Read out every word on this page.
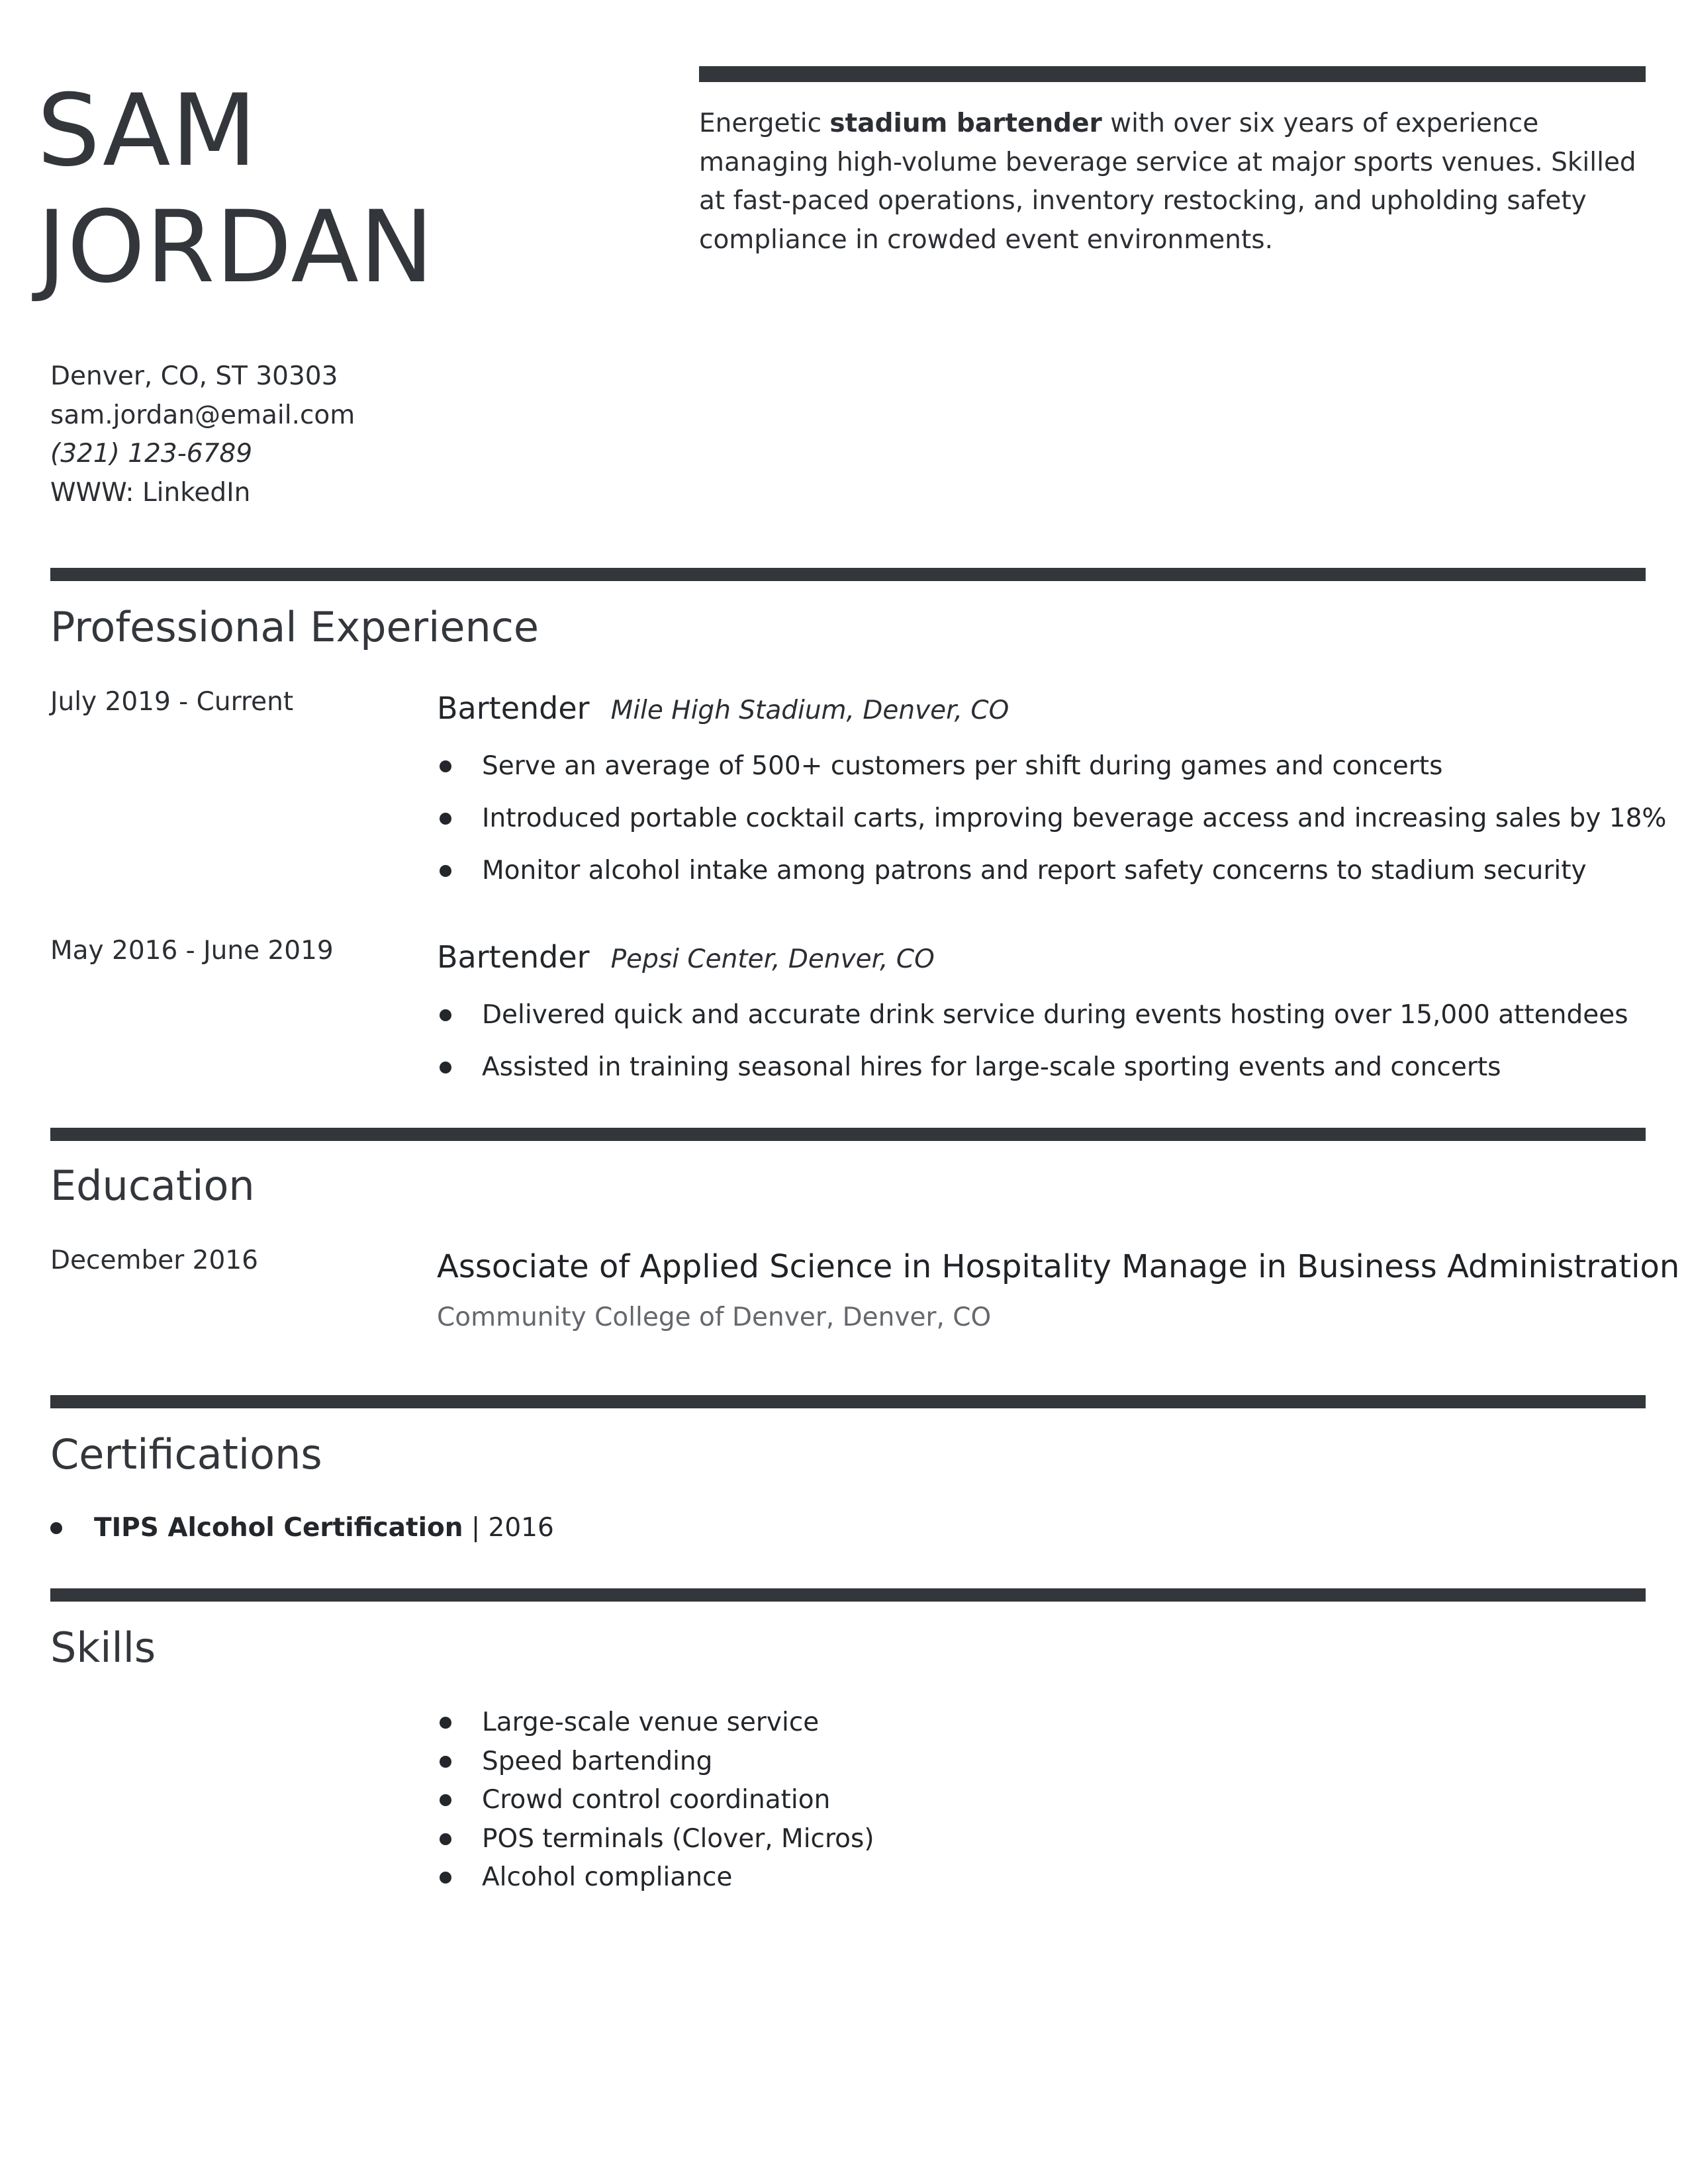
SAM
JORDAN

Energetic stadium bartender with over six years of experience managing high-volume beverage service at major sports venues. Skilled at fast-paced operations, inventory restocking, and upholding safety compliance in crowded event environments.

Denver, CO, ST 30303
sam.jordan@email.com
(321) 123-6789
WWW: LinkedIn
Professional Experience
July 2019 - Current	Bartender Mile High Stadium, Denver, CO
Serve an average of 500+ customers per shift during games and concerts
Introduced portable cocktail carts, improving beverage access and increasing sales by 18%
Monitor alcohol intake among patrons and report safety concerns to stadium security
May 2016 - June 2019	Bartender Pepsi Center, Denver, CO
Delivered quick and accurate drink service during events hosting over 15,000 attendees
Assisted in training seasonal hires for large-scale sporting events and concerts
Education
December 2016	Associate of Applied Science in Hospitality Manage in Business Administration
Community College of Denver, Denver, CO
Certifications
TIPS Alcohol Certification | 2016
Skills
Large-scale venue service
Speed bartending
Crowd control coordination
POS terminals (Clover, Micros)
Alcohol compliance
